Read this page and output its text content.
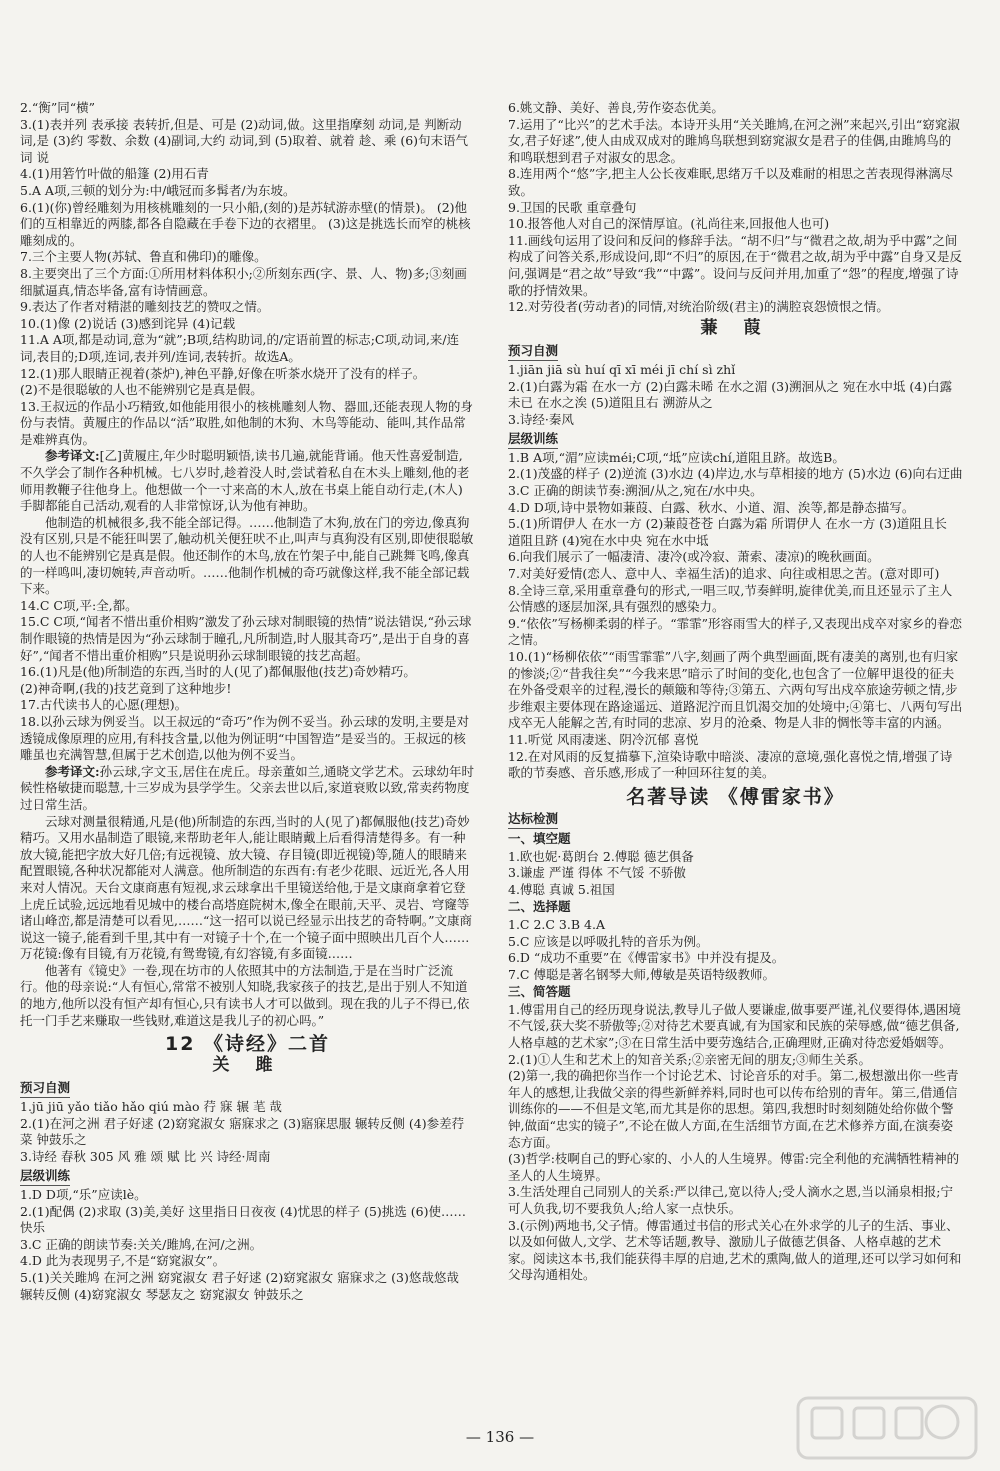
2.“衡”同“横”

3.(1)表并列 表承接 表转折,但是、可是 (2)动词,做。这里指摩刻 动词,是 判断动词,是 (3)约 零数、余数 (4)副词,大约 动词,到 (5)取着、就着 趁、乘 (6)句末语气词 说

4.(1)用箬竹叶做的船篷 (2)用石青

5.A A项,三顿的划分为:中/峨冠而多髯者/为东坡。

6.(1)(你)曾经雕刻为用核桃雕刻的一只小船,(刻的)是苏轼游赤壁(的情景)。 (2)他们的互相靠近的两膝,都各自隐藏在手卷下边的衣褶里。 (3)这是挑选长而窄的桃核雕刻成的。

7.三个主要人物(苏轼、鲁直和佛印)的雕像。

8.主要突出了三个方面:①所用材料体积小;②所刻东西(字、景、人、物)多;③刻画细腻逼真,情态毕备,富有诗情画意。

9.表达了作者对精湛的雕刻技艺的赞叹之情。

10.(1)像 (2)说话 (3)感到诧异 (4)记载

11.A A项,都是动词,意为“就”;B项,结构助词,的/定语前置的标志;C项,动词,来/连词,表目的;D项,连词,表并列/连词,表转折。故选A。

12.(1)那人眼睛正视着(茶炉),神色平静,好像在听茶水烧开了没有的样子。

(2)不是很聪敏的人也不能辨别它是真是假。

13.王叔远的作品小巧精致,如他能用很小的核桃雕刻人物、器皿,还能表现人物的身份与表情。黄履庄的作品以“活”取胜,如他制的木狗、木鸟等能动、能叫,其作品常是难辨真伪。

参考译文:[乙]黄履庄,年少时聪明颖悟,读书几遍,就能背诵。他天性喜爱制造,不久学会了制作各种机械。七八岁时,趁着没人时,尝试着私自在木头上雕刻,他的老师用教鞭子往他身上。他想做一个一寸来高的木人,放在书桌上能自动行走,(木人)手脚都能自己活动,观看的人非常惊讶,认为他有神助。

他制造的机械很多,我不能全部记得。……他制造了木狗,放在门的旁边,像真狗没有区别,只是不能狂叫罢了,触动机关便狂吠不止,叫声与真狗没有区别,即使很聪敏的人也不能辨别它是真是假。他还制作的木鸟,放在竹架子中,能自己跳舞飞鸣,像真的一样鸣叫,凄切婉转,声音动听。……他制作机械的奇巧就像这样,我不能全部记载下来。

14.C C项,平:全,都。

15.C C项,“闻者不惜出重价相购”激发了孙云球对制眼镜的热情”说法错误,“孙云球制作眼镜的热情是因为“孙云球制于瞳孔,凡所制造,时人服其奇巧”,是出于自身的喜好”,“闻者不惜出重价相购”只是说明孙云球制眼镜的技艺高超。

16.(1)凡是(他)所制造的东西,当时的人(见了)都佩服他(技艺)奇妙精巧。

(2)神奇啊,(我的)技艺竟到了这种地步!

17.古代读书人的心愿(理想)。

18.以孙云球为例妥当。以王叔远的“奇巧”作为例不妥当。孙云球的发明,主要是对透镜成像原理的应用,有科技含量,以他为例证明“中国智造”是妥当的。王叔远的核雕虽也充满智慧,但属于艺术创造,以他为例不妥当。

参考译文:孙云球,字文玉,居住在虎丘。母亲董如兰,通晓文学艺术。云球幼年时候性格敏捷而聪慧,十三岁成为县学学生。父亲去世以后,家道衰败以致,常卖药物度过日常生活。

云球对测量很精通,凡是(他)所制造的东西,当时的人(见了)都佩服他(技艺)奇妙精巧。又用水晶制造了眼镜,来帮助老年人,能让眼睛戴上后看得清楚得多。有一种放大镜,能把字放大好几倍;有远视镜、放大镜、存目镜(即近视镜)等,随人的眼睛来配置眼镜,各种状况都能对人满意。他所制造的东西有:有老少花眼、远近光,各人用来对人情况。天台文康商惠有短视,求云球拿出千里镜送给他,于是文康商拿着它登上虎丘试验,远远地看见城中的楼台高塔庭院树木,像全在眼前,天平、灵岩、穹窿等诸山峰峦,都是清楚可以看见,……“这一招可以说已经显示出技艺的奇特啊。”文康商说这一镜子,能看到千里,其中有一对镜子十个,在一个镜子面中照映出几百个人……万花镜:像有目镜,有万花镜,有鸳鸯镜,有幻容镜,有多面镜……

他著有《镜史》一卷,现在坊市的人依照其中的方法制造,于是在当时广泛流行。他的母亲说:“人有恒心,常常不被别人知晓,我家孩子的技艺,是出于别人不知道的地方,他所以没有恒产却有恒心,只有读书人才可以做到。现在我的儿子不得已,依托一门手艺来赚取一些钱财,难道这是我儿子的初心吗。”

12 《诗经》二首
关 雎
预习自测

1.jū jiū yǎo tiǎo hǎo qiú mào 荇 寐 辗 芼 哉

2.(1)在河之洲 君子好逑 (2)窈窕淑女 寤寐求之 (3)寤寐思服 辗转反侧 (4)参差荇菜 钟鼓乐之

3.诗经 春秋 305 风 雅 颂 赋 比 兴 诗经·周南

层级训练

1.D D项,“乐”应读lè。

2.(1)配偶 (2)求取 (3)美,美好 这里指日日夜夜 (4)忧思的样子 (5)挑选 (6)使……快乐

3.C 正确的朗读节奏:关关/雎鸠,在河/之洲。

4.D 此为表现男子,不是“窈窕淑女”。

5.(1)关关雎鸠 在河之洲 窈窕淑女 君子好逑 (2)窈窕淑女 寤寐求之 (3)悠哉悠哉 辗转反侧 (4)窈窕淑女 琴瑟友之 窈窕淑女 钟鼓乐之

6.姚文静、美好、善良,劳作姿态优美。

7.运用了“比兴”的艺术手法。本诗开头用“关关雎鸠,在河之洲”来起兴,引出“窈窕淑女,君子好逑”,使人由成双成对的雎鸠鸟联想到窈窕淑女是君子的佳偶,由雎鸠鸟的和鸣联想到君子对淑女的思念。

8.连用两个“悠”字,把主人公长夜难眠,思绪万千以及难耐的相思之苦表现得淋漓尽致。

9.卫国的民歌 重章叠句

10.报答他人对自己的深情厚谊。(礼尚往来,回报他人也可)

11.画线句运用了设问和反问的修辞手法。“胡不归”与“微君之故,胡为乎中露”之间构成了问答关系,形成设问,即“不归”的原因,在于“微君之故,胡为乎中露”自身又是反问,强调是“君之故”导致“我”“中露”。设问与反问并用,加重了“怨”的程度,增强了诗歌的抒情效果。

12.对劳役者(劳动者)的同情,对统治阶级(君主)的满腔哀怨愤恨之情。

蒹 葭
预习自测

1.jiān jiā sù huí qī xī méi jī chí sì zhǐ

2.(1)白露为霜 在水一方 (2)白露未晞 在水之湄 (3)溯洄从之 宛在水中坻 (4)白露未已 在水之涘 (5)道阻且右 溯游从之

3.诗经·秦风

层级训练

1.B A项,“湄”应读méi;C项,“坻”应读chí,道阻且跻。故选B。

2.(1)茂盛的样子 (2)逆流 (3)水边 (4)岸边,水与草相接的地方 (5)水边 (6)向右迂曲

3.C 正确的朗读节奏:溯洄/从之,宛在/水中央。

4.D D项,诗中景物如蒹葭、白露、秋水、小道、湄、涘等,都是静态描写。

5.(1)所谓伊人 在水一方 (2)蒹葭苍苍 白露为霜 所谓伊人 在水一方 (3)道阻且长 道阻且跻 (4)宛在水中央 宛在水中坻

6.向我们展示了一幅凄清、凄冷(或冷寂、萧索、凄凉)的晚秋画面。

7.对美好爱情(恋人、意中人、幸福生活)的追求、向往或相思之苦。(意对即可)

8.全诗三章,采用重章叠句的形式,一唱三叹,节奏鲜明,旋律优美,而且还显示了主人公情感的逐层加深,具有强烈的感染力。

9.“依依”写杨柳柔弱的样子。“霏霏”形容雨雪大的样子,又表现出戍卒对家乡的眷恋之情。

10.(1)“杨柳依依”“雨雪霏霏”八字,刻画了两个典型画面,既有凄美的离别,也有归家的惨淡;②“昔我往矣”“今我来思”暗示了时间的变化,也包含了一位解甲退役的征夫在外备受艰辛的过程,漫长的颠簸和等待;③第五、六两句写出戍卒旅途劳顿之情,步步维艰主要体现在路途遥远、道路泥泞而且饥渴交加的处境中;④第七、八两句写出戍卒无人能解之苦,有时同的悲凉、岁月的沧桑、物是人非的惆怅等丰富的内涵。

11.听觉 风雨凄迷、阴冷沉郁 喜悦

12.在对风雨的反复描摹下,渲染诗歌中暗淡、凄凉的意境,强化喜悦之情,增强了诗歌的节奏感、音乐感,形成了一种回环往复的美。

名著导读 《傅雷家书》
达标检测
一、填空题

1.欧也妮·葛朗台 2.傅聪 德艺俱备

3.谦虚 严谨 得体 不气馁 不骄傲

4.傅聪 真诚 5.祖国

二、选择题

1.C 2.C 3.B 4.A

5.C 应该是以呼吸扎特的音乐为例。

6.D “成功不重要”在《傅雷家书》中并没有提及。

7.C 傅聪是著名钢琴大师,傅敏是英语特级教师。

三、简答题

1.傅雷用自己的经历现身说法,教导儿子做人要谦虚,做事要严谨,礼仪要得体,遇困境不气馁,获大奖不骄傲等;②对待艺术要真诚,有为国家和民族的荣辱感,做“德艺俱备,人格卓越的艺术家”;③在日常生活中要劳逸结合,正确理财,正确对待恋爱婚姻等。

2.(1)①人生和艺术上的知音关系;②亲密无间的朋友;③师生关系。

(2)第一,我的确把你当作一个讨论艺术、讨论音乐的对手。第二,极想激出你一些青年人的感想,让我做父亲的得些新鲜养料,同时也可以传布给别的青年。第三,借通信训练你的——不但是文笔,而尤其是你的思想。第四,我想时时刻刻随处给你做个警钟,做面“忠实的镜子”,不论在做人方面,在生活细节方面,在艺术修养方面,在演奏姿态方面。

(3)哲学:枝啊自己的野心家的、小人的人生境界。傅雷:完全利他的充满牺牲精神的圣人的人生境界。

3.生活处理自己同别人的关系:严以律己,宽以待人;受人滴水之恩,当以涌泉相报;宁可人负我,切不要我负人;给人家一点快乐。

3.(示例)两地书,父子情。傅雷通过书信的形式关心在外求学的儿子的生活、事业、以及如何做人,文学、艺术等话题,教导、激励儿子做德艺俱备、人格卓越的艺术家。阅读这本书,我们能获得丰厚的启迪,艺术的熏陶,做人的道理,还可以学习如何和父母沟通相处。

— 136 —
